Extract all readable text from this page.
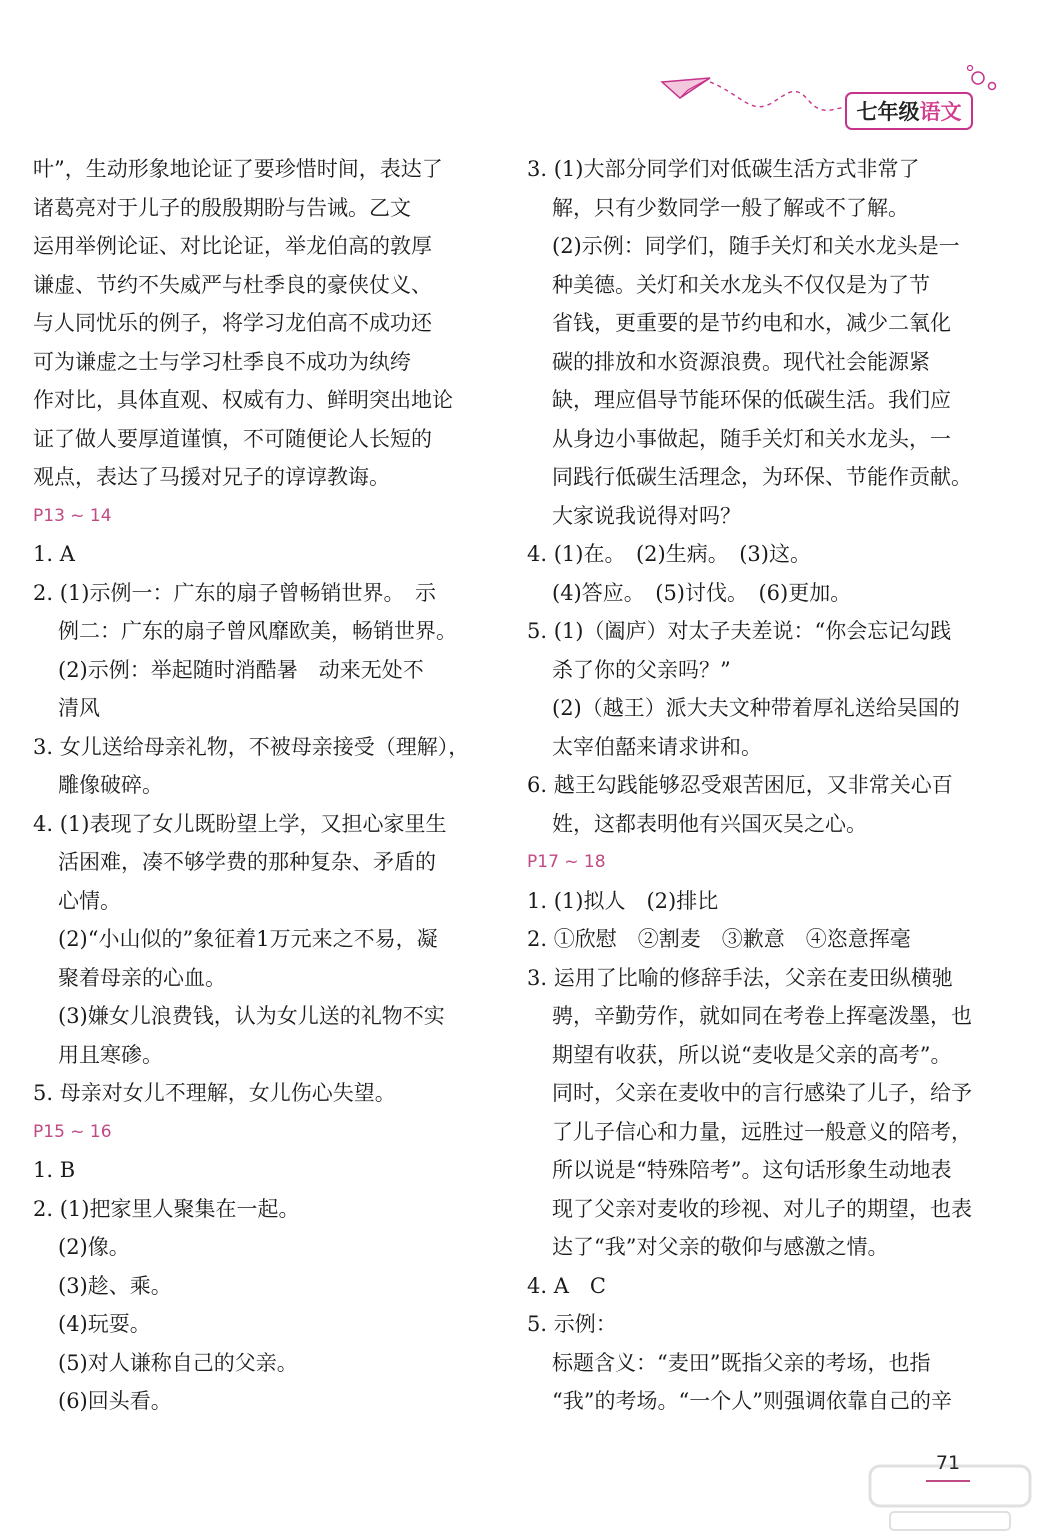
七年级语文
叶”，生动形象地论证了要珍惜时间，表达了
诸葛亮对于儿子的殷殷期盼与告诫。乙文
运用举例论证、对比论证，举龙伯高的敦厚
谦虚、节约不失威严与杜季良的豪侠仗义、
与人同忧乐的例子，将学习龙伯高不成功还
可为谦虚之士与学习杜季良不成功为纨绔
作对比，具体直观、权威有力、鲜明突出地论
证了做人要厚道谨慎，不可随便论人长短的
观点，表达了马援对兄子的谆谆教诲。
P13 ~ 14
1. A
2. (1)示例一：广东的扇子曾畅销世界。　示
例二：广东的扇子曾风靡欧美，畅销世界。
(2)示例：举起随时消酷暑　动来无处不
清风
3. 女儿送给母亲礼物，不被母亲接受（理解），
雕像破碎。
4. (1)表现了女儿既盼望上学，又担心家里生
活困难，凑不够学费的那种复杂、矛盾的
心情。
(2)“小山似的”象征着1万元来之不易，凝
聚着母亲的心血。
(3)嫌女儿浪费钱，认为女儿送的礼物不实
用且寒碜。
5. 母亲对女儿不理解，女儿伤心失望。
P15 ~ 16
1. B
2. (1)把家里人聚集在一起。
(2)像。
(3)趁、乘。
(4)玩耍。
(5)对人谦称自己的父亲。
(6)回头看。
3. (1)大部分同学们对低碳生活方式非常了
解，只有少数同学一般了解或不了解。
(2)示例：同学们，随手关灯和关水龙头是一
种美德。关灯和关水龙头不仅仅是为了节
省钱，更重要的是节约电和水，减少二氧化
碳的排放和水资源浪费。现代社会能源紧
缺，理应倡导节能环保的低碳生活。我们应
从身边小事做起，随手关灯和关水龙头，一
同践行低碳生活理念，为环保、节能作贡献。
大家说我说得对吗？
4. (1)在。　(2)生病。　(3)这。
(4)答应。　(5)讨伐。　(6)更加。
5. (1)（阖庐）对太子夫差说：“你会忘记勾践
杀了你的父亲吗？”
(2)（越王）派大夫文种带着厚礼送给吴国的
太宰伯嚭来请求讲和。
6. 越王勾践能够忍受艰苦困厄，又非常关心百
姓，这都表明他有兴国灭吴之心。
P17 ~ 18
1. (1)拟人　(2)排比
2. ①欣慰　②割麦　③歉意　④恣意挥毫
3. 运用了比喻的修辞手法，父亲在麦田纵横驰
骋，辛勤劳作，就如同在考卷上挥毫泼墨，也
期望有收获，所以说“麦收是父亲的高考”。
同时，父亲在麦收中的言行感染了儿子，给予
了儿子信心和力量，远胜过一般意义的陪考，
所以说是“特殊陪考”。这句话形象生动地表
现了父亲对麦收的珍视、对儿子的期望，也表
达了“我”对父亲的敬仰与感激之情。
4. A　C
5. 示例：
标题含义：“麦田”既指父亲的考场，也指
“我”的考场。“一个人”则强调依靠自己的辛
71
